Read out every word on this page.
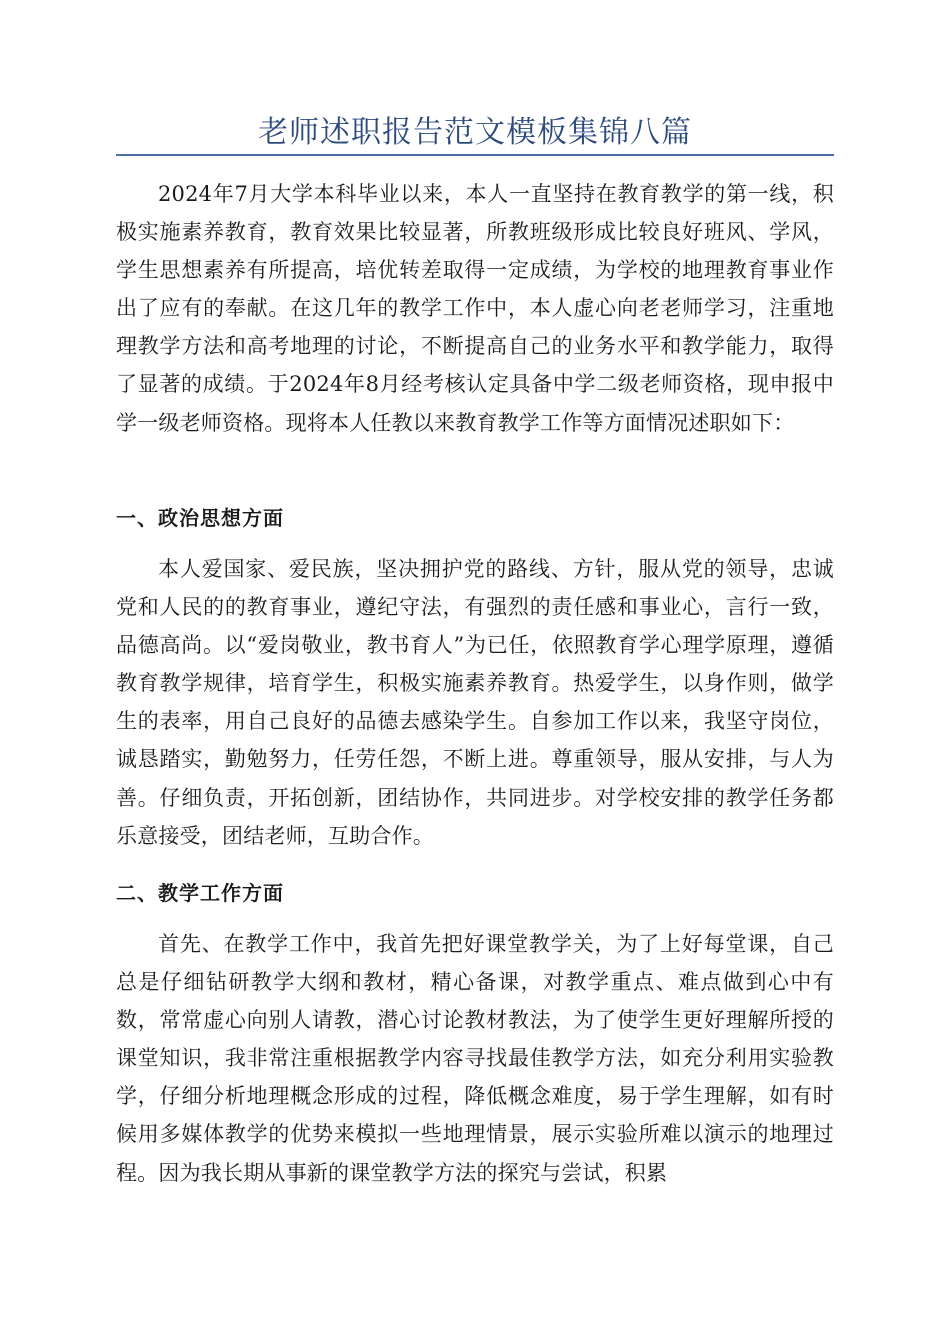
老师述职报告范文模板集锦八篇

2024年7月大学本科毕业以来，本人一直坚持在教育教学的第一线，积极实施素养教育，教育效果比较显著，所教班级形成比较良好班风、学风，学生思想素养有所提高，培优转差取得一定成绩，为学校的地理教育事业作出了应有的奉献。在这几年的教学工作中，本人虚心向老老师学习，注重地理教学方法和高考地理的讨论，不断提高自己的业务水平和教学能力，取得了显著的成绩。于2024年8月经考核认定具备中学二级老师资格，现申报中学一级老师资格。现将本人任教以来教育教学工作等方面情况述职如下：

一、政治思想方面

本人爱国家、爱民族，坚决拥护党的路线、方针，服从党的领导，忠诚党和人民的的教育事业，遵纪守法，有强烈的责任感和事业心，言行一致，品德高尚。以“爱岗敬业，教书育人”为已任，依照教育学心理学原理，遵循教育教学规律，培育学生，积极实施素养教育。热爱学生，以身作则，做学生的表率，用自己良好的品德去感染学生。自参加工作以来，我坚守岗位，诚恳踏实，勤勉努力，任劳任怨，不断上进。尊重领导，服从安排，与人为善。仔细负责，开拓创新，团结协作，共同进步。对学校安排的教学任务都乐意接受，团结老师，互助合作。

二、教学工作方面

首先、在教学工作中，我首先把好课堂教学关，为了上好每堂课，自己总是仔细钻研教学大纲和教材，精心备课，对教学重点、难点做到心中有数，常常虚心向别人请教，潜心讨论教材教法，为了使学生更好理解所授的课堂知识，我非常注重根据教学内容寻找最佳教学方法，如充分利用实验教学，仔细分析地理概念形成的过程，降低概念难度，易于学生理解，如有时候用多媒体教学的优势来模拟一些地理情景，展示实验所难以演示的地理过程。因为我长期从事新的课堂教学方法的探究与尝试，积累
